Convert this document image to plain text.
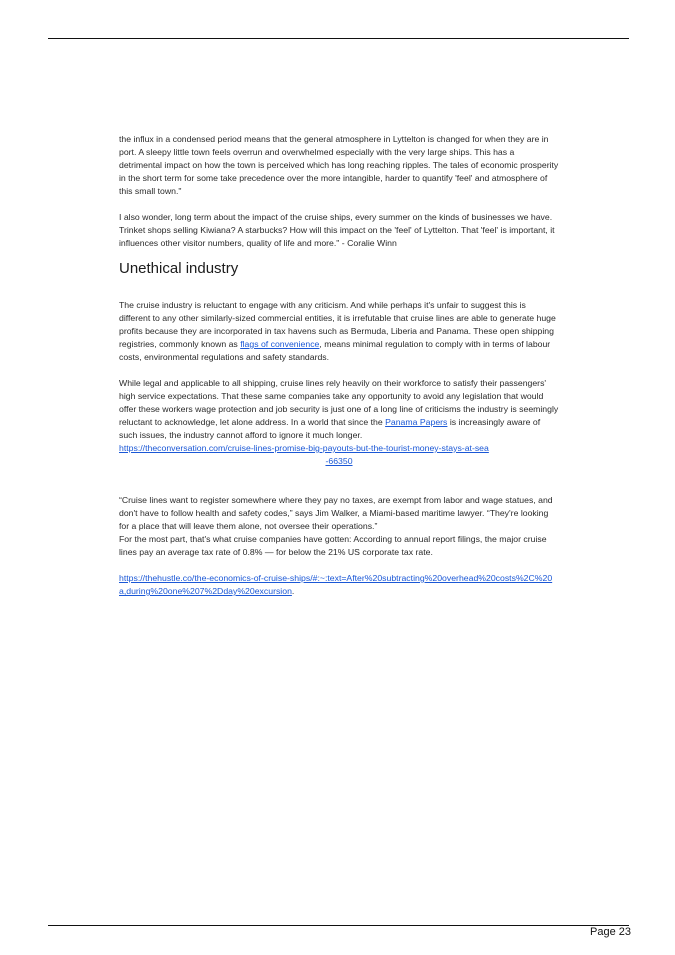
the influx in a condensed period means that the general atmosphere in Lyttelton is changed for when they are in port. A sleepy little town feels overrun and overwhelmed especially with the very large ships. This has a detrimental impact on how the town is perceived which has long reaching ripples. The tales of economic prosperity in the short term for some take precedence over the more intangible, harder to quantify 'feel' and atmosphere of this small town."

I also wonder, long term about the impact of the cruise ships, every summer on the kinds of businesses we have. Trinket shops selling Kiwiana? A starbucks? How will this impact on the 'feel' of Lyttelton. That 'feel' is important, it influences other visitor numbers, quality of life and more." - Coralie Winn

Unethical industry

The cruise industry is reluctant to engage with any criticism. And while perhaps it's unfair to suggest this is different to any other similarly-sized commercial entities, it is irrefutable that cruise lines are able to generate huge profits because they are incorporated in tax havens such as Bermuda, Liberia and Panama. These open shipping registries, commonly known as flags of convenience, means minimal regulation to comply with in terms of labour costs, environmental regulations and safety standards.

While legal and applicable to all shipping, cruise lines rely heavily on their workforce to satisfy their passengers' high service expectations. That these same companies take any opportunity to avoid any legislation that would offer these workers wage protection and job security is just one of a long line of criticisms the industry is seemingly reluctant to acknowledge, let alone address. In a world that since the Panama Papers is increasingly aware of such issues, the industry cannot afford to ignore it much longer.

https://theconversation.com/cruise-lines-promise-big-payouts-but-the-tourist-money-stays-at-sea
-66350

“Cruise lines want to register somewhere where they pay no taxes, are exempt from labor and wage statues, and don't have to follow health and safety codes,” says Jim Walker, a Miami-based maritime lawyer. “They're looking for a place that will leave them alone, not oversee their operations.”

For the most part, that's what cruise companies have gotten: According to annual report filings, the major cruise lines pay an average tax rate of 0.8% — for below the 21% US corporate tax rate.

https://thehustle.co/the-economics-of-cruise-ships/#:~:text=After%20subtracting%20overhead%20costs%2C%20a,during%20one%207%2Dday%20excursion.

Page 23
